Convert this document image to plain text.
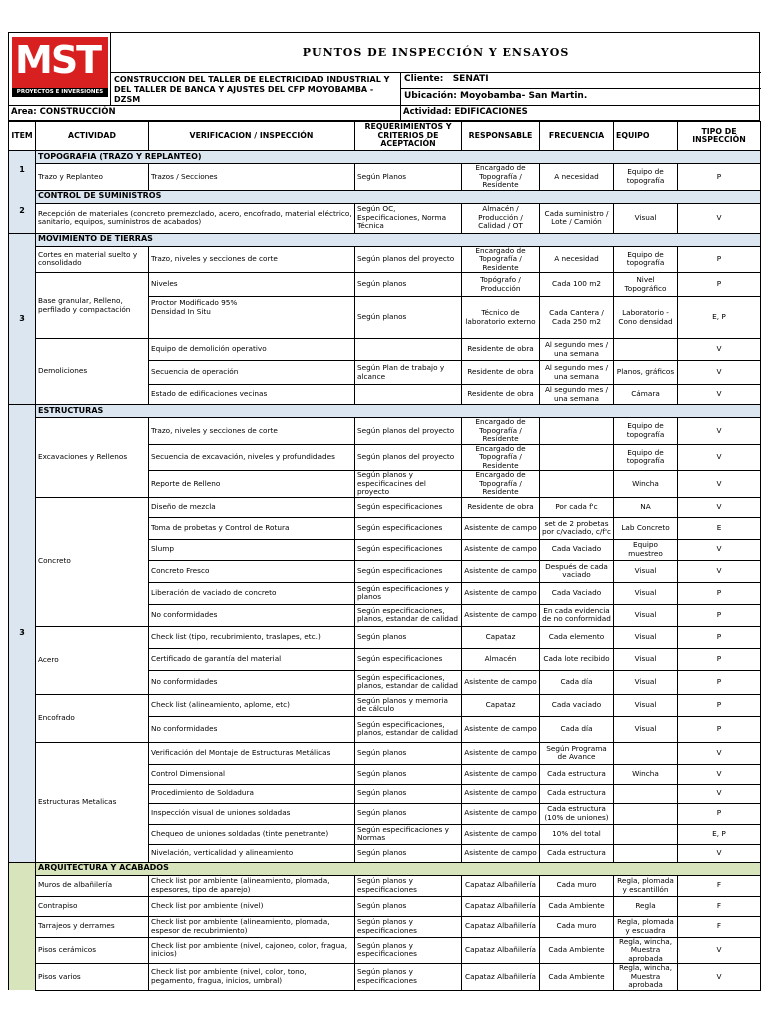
MST
PROYECTOS E INVERSIONES S.A.C
PUNTOS DE INSPECCIÓN Y ENSAYOS
CONSTRUCCION DEL TALLER DE ELECTRICIDAD INDUSTRIAL Y DEL TALLER DE BANCA Y AJUSTES DEL CFP MOYOBAMBA - DZSM
Cliente: SENATI
Ubicación: Moyobamba- San Martin.
Area: CONSTRUCCIÓN	Actividad: EDIFICACIONES
ITEM	ACTIVIDAD	VERIFICACION / INSPECCIÓN	REQUERIMIENTOS Y CRITERIOS DE ACEPTACIÓN	RESPONSABLE	FRECUENCIA	EQUIPO	TIPO DE INSPECCIÓN
1	TOPOGRAFIA (TRAZO Y REPLANTEO)						
	Trazo y Replanteo	Trazos / Secciones	Según Planos	Encargado de Topografía / Residente	A necesidad	Equipo de topografía	P
2	CONTROL DE SUMINISTROS						
	Recepción de materiales (concreto premezclado, acero, encofrado, material eléctrico, sanitario, equipos, suministros de acabados)		Según OC, Especificaciones, Norma Técnica	Almacén / Producción / Calidad / OT	Cada suministro / Lote / Camión	Visual	V
3	MOVIMIENTO DE TIERRAS						
	Cortes en material suelto y consolidado	Trazo, niveles y secciones de corte	Según planos del proyecto	Encargado de Topografía / Residente	A necesidad	Equipo de topografía	P
	Base granular, Relleno, perfilado y compactación	Niveles	Según planos	Topógrafo / Producción	Cada 100 m2	Nivel Topográfico	P
		Proctor Modificado 95%
Densidad In Situ	Según planos	Técnico de laboratorio externo	Cada Cantera / Cada 250 m2	Laboratorio - Cono densidad	E, P
	Demoliciones	Equipo de demolición operativo		Residente de obra	Al segundo mes / una semana		V
		Secuencia de operación	Según Plan de trabajo y alcance	Residente de obra	Al segundo mes / una semana	Planos, gráficos	V
		Estado de edificaciones vecinas		Residente de obra	Al segundo mes / una semana	Cámara	V
3	ESTRUCTURAS						
	Excavaciones y Rellenos	Trazo, niveles y secciones de corte	Según planos del proyecto	Encargado de Topografía / Residente		Equipo de topografía	V
		Secuencia de excavación, niveles y profundidades	Según planos del proyecto	Encargado de Topografía / Residente		Equipo de topografía	V
		Reporte de Relleno	Según planos y especificacines del proyecto	Encargado de Topografía / Residente		Wincha	V
	Concreto	Diseño de mezcla	Según especificaciones	Residente de obra	Por cada f'c	NA	V
		Toma de probetas y Control de Rotura	Según especificaciones	Asistente de campo	set de 2 probetas por c/vaciado, c/f'c	Lab Concreto	E
		Slump	Según especificaciones	Asistente de campo	Cada Vaciado	Equipo muestreo	V
		Concreto Fresco	Según especificaciones	Asistente de campo	Después de cada vaciado	Visual	V
		Liberación de vaciado de concreto	Según especificaciones y planos	Asistente de campo	Cada Vaciado	Visual	P
		No conformidades	Según especificaciones, planos, estandar de calidad	Asistente de campo	En cada evidencia de no conformidad	Visual	P
	Acero	Check list (tipo, recubrimiento, traslapes, etc.)	Según planos	Capataz	Cada elemento	Visual	P
		Certificado de garantía del material	Según especificaciones	Almacén	Cada lote recibido	Visual	P
		No conformidades	Según especificaciones, planos, estandar de calidad	Asistente de campo	Cada día	Visual	P
	Encofrado	Check list (alineamiento, aplome, etc)	Según planos y memoria de cálculo	Capataz	Cada vaciado	Visual	P
		No conformidades	Según especificaciones, planos, estandar de calidad	Asistente de campo	Cada día	Visual	P
	Estructuras Metalicas	Verificación del Montaje de Estructuras Metálicas	Según planos	Asistente de campo	Según Programa de Avance		V
		Control Dimensional	Según planos	Asistente de campo	Cada estructura	Wincha	V
		Procedimiento de Soldadura	Según planos	Asistente de campo	Cada estructura		V
		Inspección visual de uniones soldadas	Según planos	Asistente de campo	Cada estructura (10% de uniones)		P
		Chequeo de uniones soldadas (tinte penetrante)	Según especificaciones y Normas	Asistente de campo	10% del total		E, P
		Nivelación, verticalidad y alineamiento	Según planos	Asistente de campo	Cada estructura		V
	ARQUITECTURA Y ACABADOS						
	Muros de albañilería	Check list por ambiente (alineamiento, plomada, espesores, tipo de aparejo)	Según planos y especificaciones	Capataz Albañilería	Cada muro	Regla, plomada y escantillón	F
	Contrapiso	Check list por ambiente (nivel)	Según planos	Capataz Albañilería	Cada Ambiente	Regla	F
	Tarrajeos y derrames	Check list por ambiente (alineamiento, plomada, espesor de recubrimiento)	Según planos y especificaciones	Capataz Albañilería	Cada muro	Regla, plomada y escuadra	F
	Pisos cerámicos	Check list por ambiente (nivel, cajoneo, color, fragua, inicios)	Según planos y especificaciones	Capataz Albañilería	Cada Ambiente	Regla, wincha, Muestra aprobada	V
	Pisos varios	Check list por ambiente (nivel, color, tono, pegamento, fragua, inicios, umbral)	Según planos y especificaciones	Capataz Albañilería	Cada Ambiente	Regla, wincha, Muestra aprobada	V
